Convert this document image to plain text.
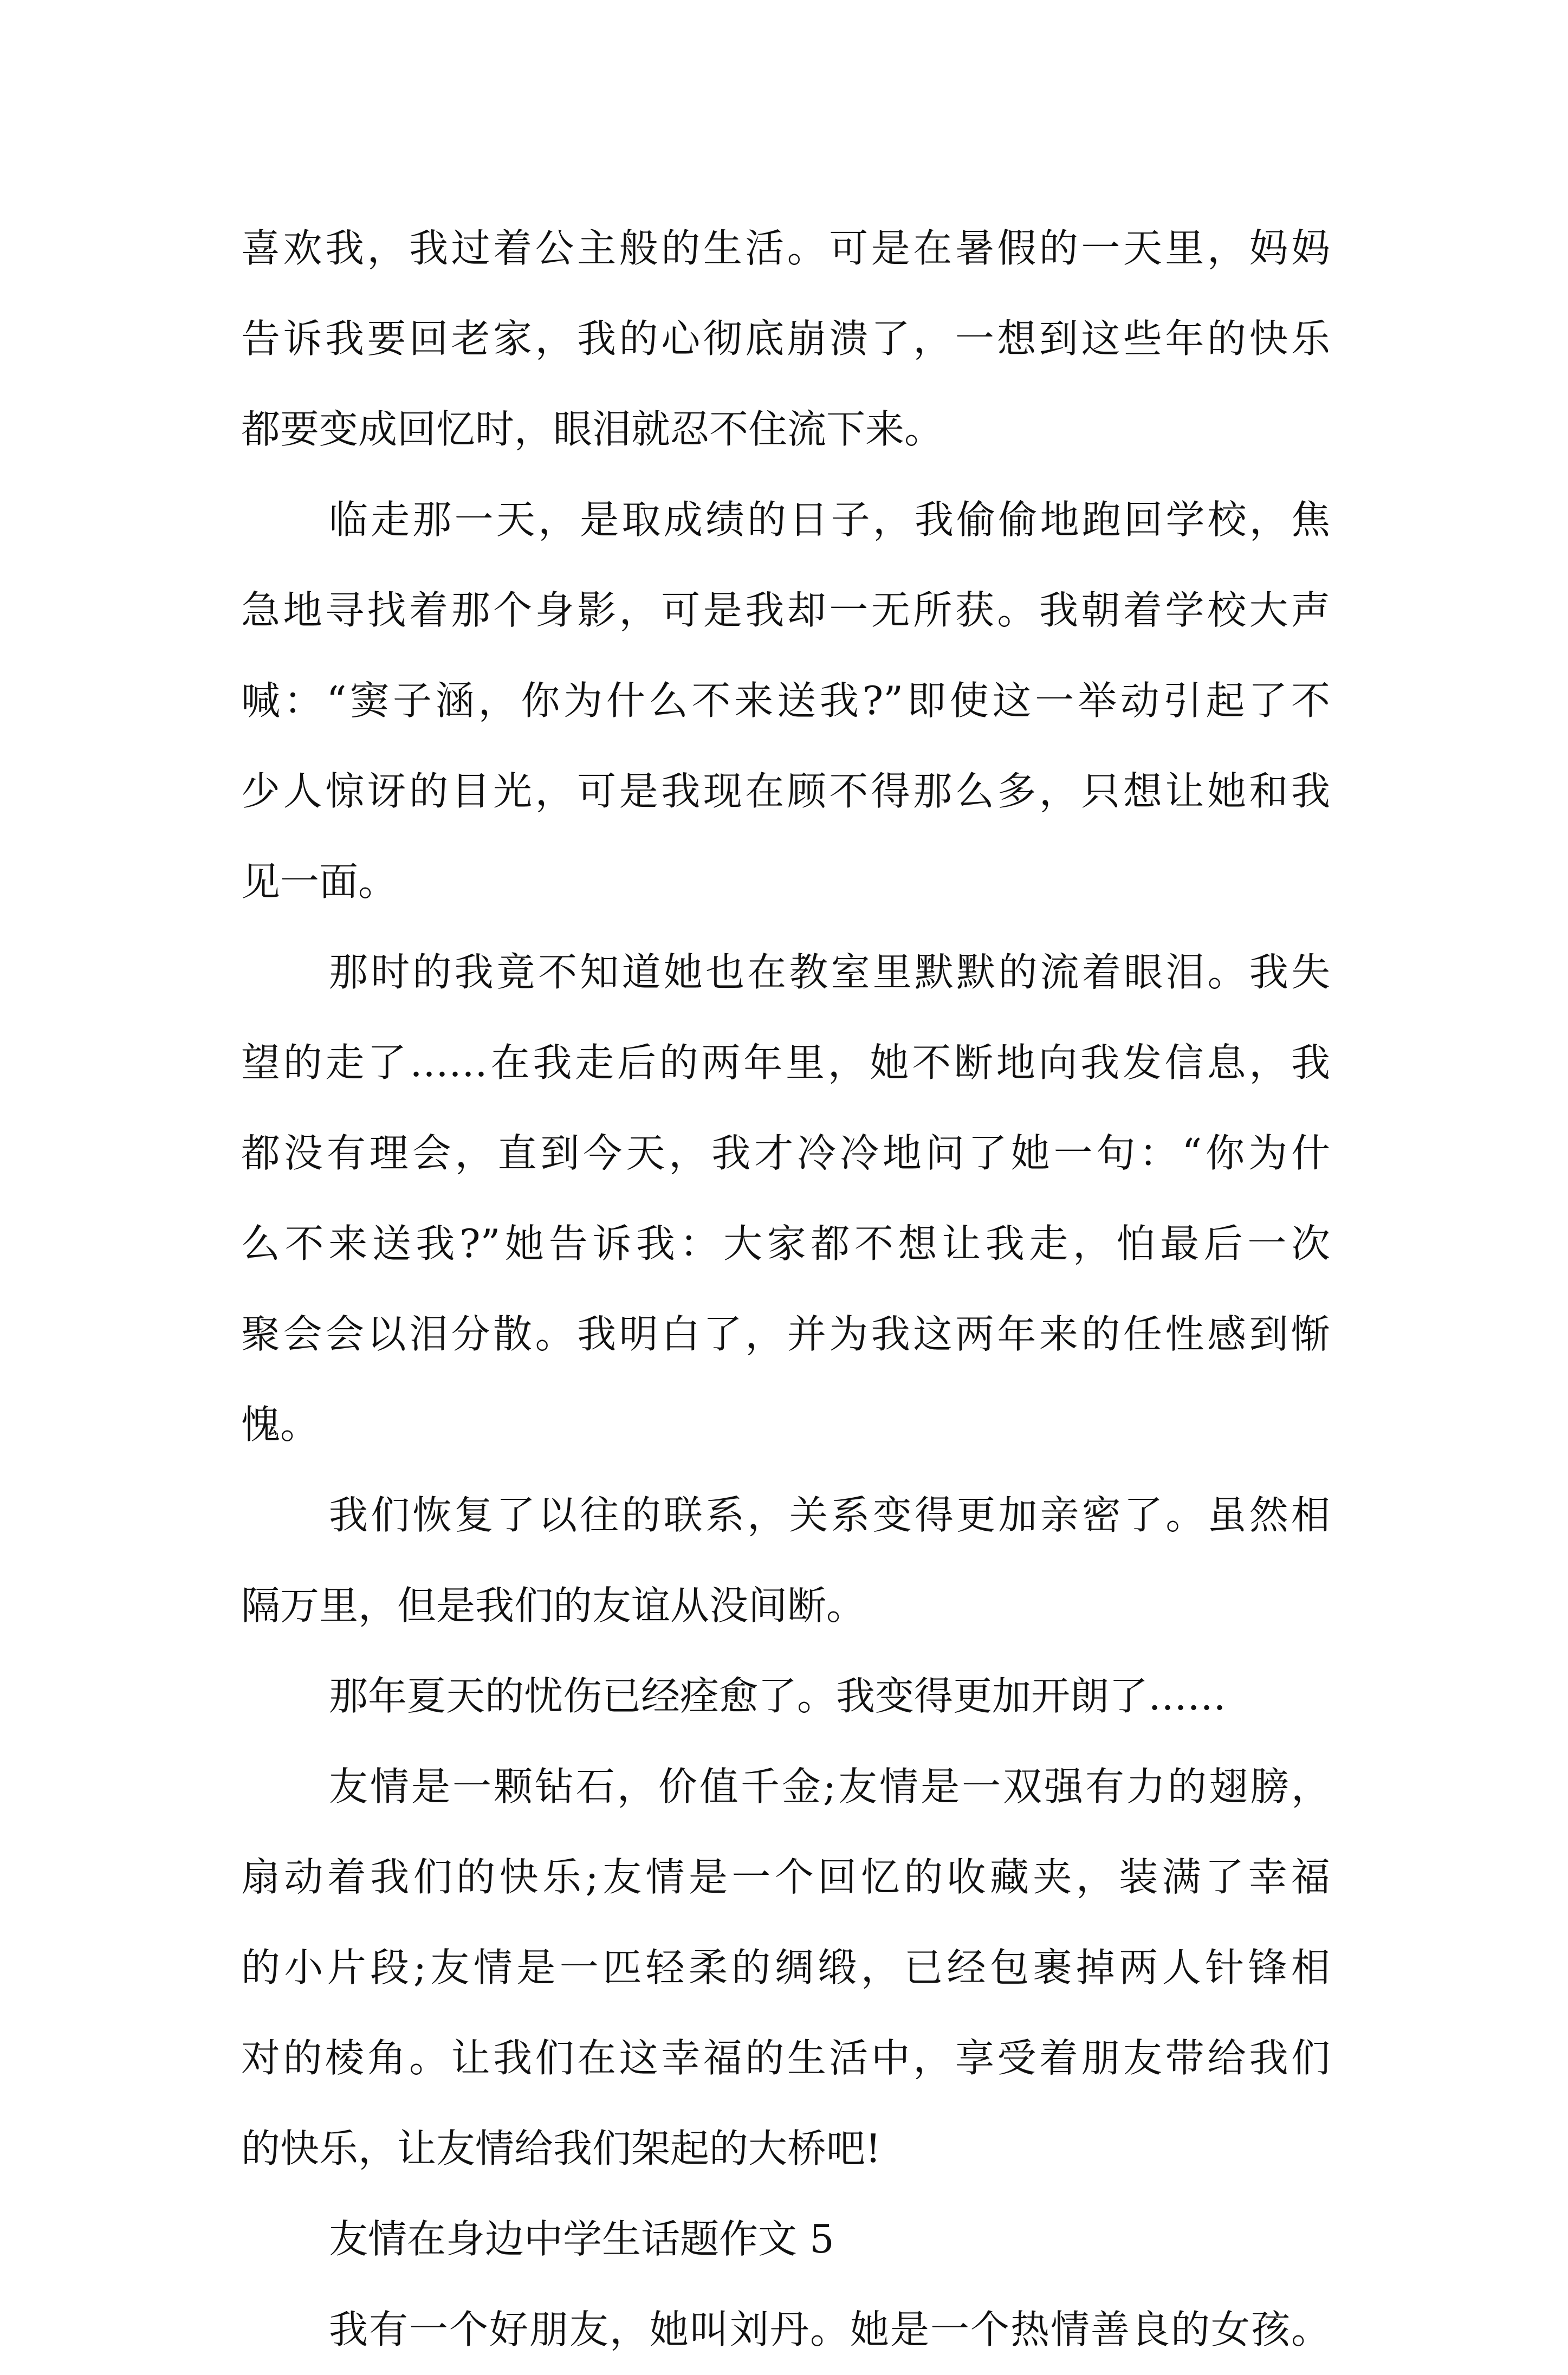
喜欢我，我过着公主般的生活。可是在暑假的一天里，妈妈
告诉我要回老家，我的心彻底崩溃了，一想到这些年的快乐
都要变成回忆时，眼泪就忍不住流下来。
临走那一天，是取成绩的日子，我偷偷地跑回学校，焦
急地寻找着那个身影，可是我却一无所获。我朝着学校大声
喊：“窦子涵，你为什么不来送我?”即使这一举动引起了不
少人惊讶的目光，可是我现在顾不得那么多，只想让她和我
见一面。
那时的我竟不知道她也在教室里默默的流着眼泪。我失
望的走了……在我走后的两年里，她不断地向我发信息，我
都没有理会，直到今天，我才冷冷地问了她一句：“你为什
么不来送我?”她告诉我：大家都不想让我走，怕最后一次
聚会会以泪分散。我明白了，并为我这两年来的任性感到惭
愧。
我们恢复了以往的联系，关系变得更加亲密了。虽然相
隔万里，但是我们的友谊从没间断。
那年夏天的忧伤已经痊愈了。我变得更加开朗了……
友情是一颗钻石，价值千金;友情是一双强有力的翅膀，
扇动着我们的快乐;友情是一个回忆的收藏夹，装满了幸福
的小片段;友情是一匹轻柔的绸缎，已经包裹掉两人针锋相
对的棱角。让我们在这幸福的生活中，享受着朋友带给我们
的快乐，让友情给我们架起的大桥吧!
友情在身边中学生话题作文 5
我有一个好朋友，她叫刘丹。她是一个热情善良的女孩。
